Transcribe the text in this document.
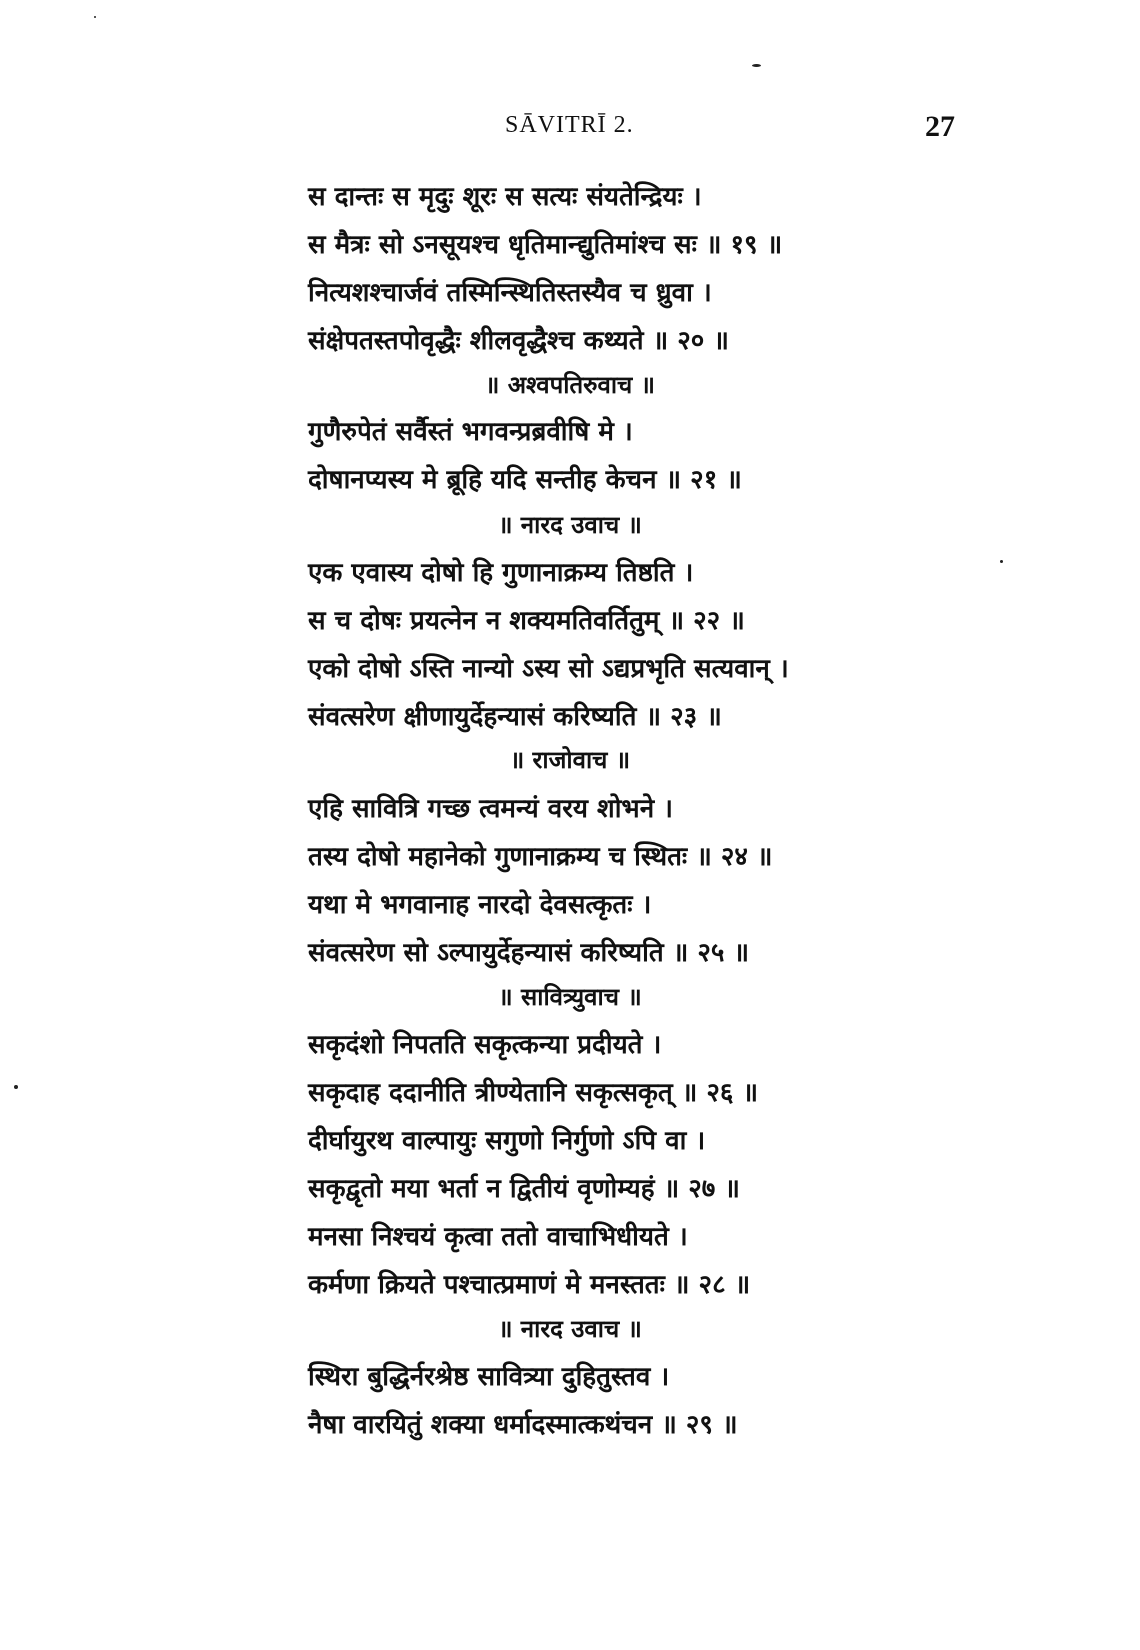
SĀVITRĪ 2.	27
स दान्तः स मृदुः शूरः स सत्यः संयतेन्द्रियः ।
स मैत्रः सो ऽनसूयश्च धृतिमान्द्युतिमांश्च सः ॥ १९ ॥
नित्यशश्चार्जवं तस्मिन्स्थितिस्तस्यैव च ध्रुवा ।
संक्षेपतस्तपोवृद्धैः शीलवृद्धैश्च कथ्यते ॥ २० ॥
॥ अश्वपतिरुवाच ॥
गुणैरुपेतं सर्वैस्तं भगवन्प्रब्रवीषि मे ।
दोषानप्यस्य मे ब्रूहि यदि सन्तीह केचन ॥ २१ ॥
॥ नारद उवाच ॥
एक एवास्य दोषो हि गुणानाक्रम्य तिष्ठति ।
स च दोषः प्रयत्नेन न शक्यमतिवर्तितुम् ॥ २२ ॥
एको दोषो ऽस्ति नान्यो ऽस्य सो ऽद्यप्रभृति सत्यवान् ।
संवत्सरेण क्षीणायुर्देहन्यासं करिष्यति ॥ २३ ॥
॥ राजोवाच ॥
एहि सावित्रि गच्छ त्वमन्यं वरय शोभने ।
तस्य दोषो महानेको गुणानाक्रम्य च स्थितः ॥ २४ ॥
यथा मे भगवानाह नारदो देवसत्कृतः ।
संवत्सरेण सो ऽल्पायुर्देहन्यासं करिष्यति ॥ २५ ॥
॥ सावित्र्युवाच ॥
सकृदंशो निपतति सकृत्कन्या प्रदीयते ।
सकृदाह ददानीति त्रीण्येतानि सकृत्सकृत् ॥ २६ ॥
दीर्घायुरथ वाल्पायुः सगुणो निर्गुणो ऽपि वा ।
सकृद्वृतो मया भर्ता न द्वितीयं वृणोम्यहं ॥ २७ ॥
मनसा निश्चयं कृत्वा ततो वाचाभिधीयते ।
कर्मणा क्रियते पश्चात्प्रमाणं मे मनस्ततः ॥ २८ ॥
॥ नारद उवाच ॥
स्थिरा बुद्धिर्नरश्रेष्ठ सावित्र्या दुहितुस्तव ।
नैषा वारयितुं शक्या धर्मादस्मात्कथंचन ॥ २९ ॥
